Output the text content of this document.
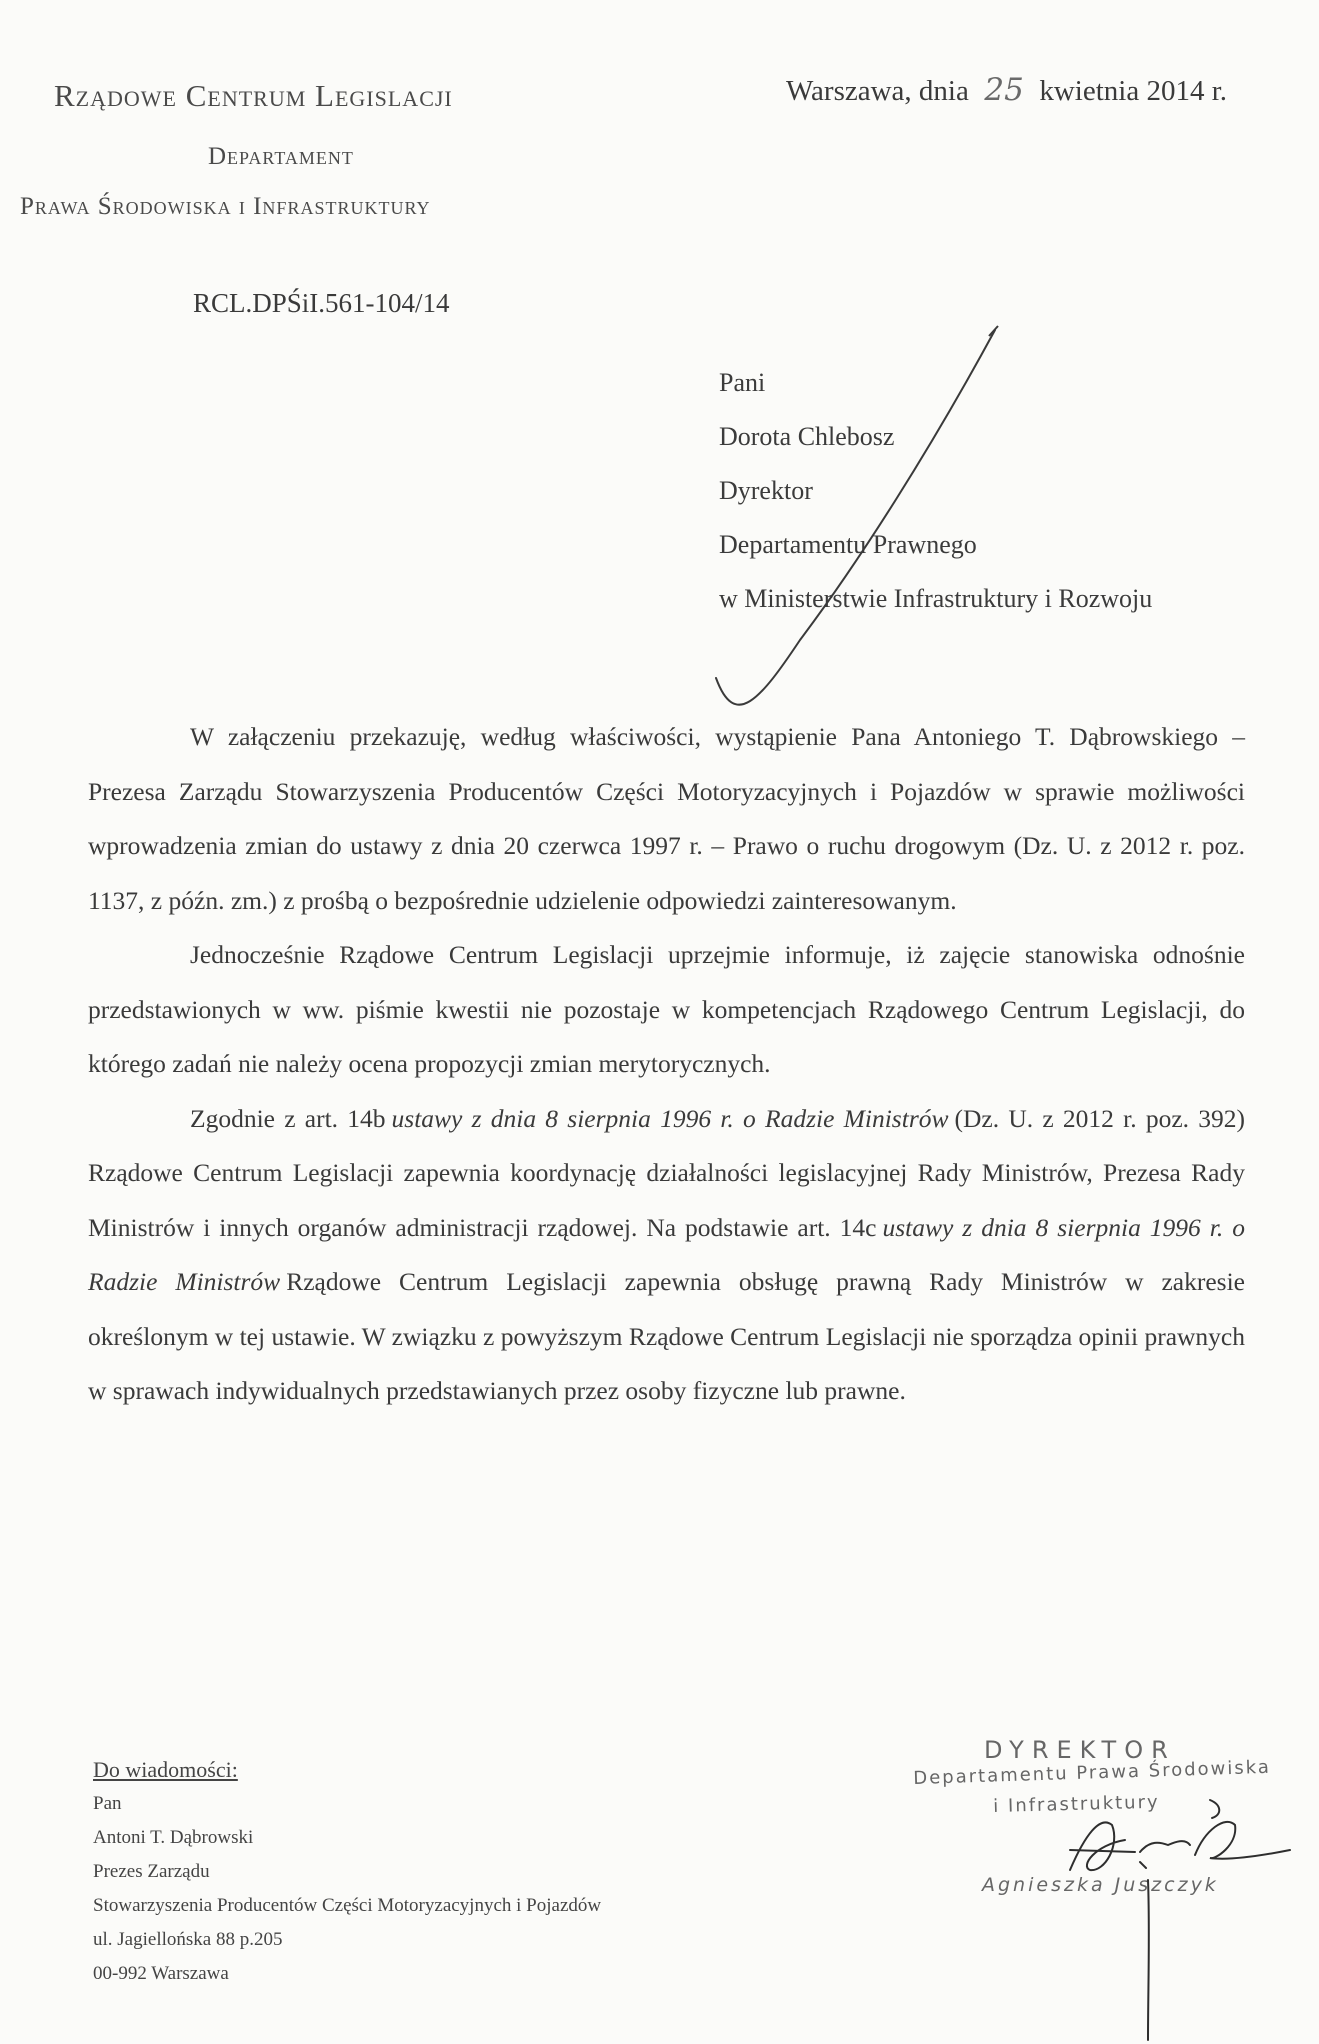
Rządowe Centrum Legislacji

Departament

Prawa Środowiska i Infrastruktury

Warszawa, dnia 25 kwietnia 2014 r.
RCL.DPŚiI.561-104/14

Pani

Dorota Chlebosz

Dyrektor

Departamentu Prawnego

w Ministerstwie Infrastruktury i Rozwoju

W załączeniu przekazuję, według właściwości, wystąpienie Pana Antoniego T. Dąbrowskiego – Prezesa Zarządu Stowarzyszenia Producentów Części Motoryzacyjnych i Pojazdów w sprawie możliwości wprowadzenia zmian do ustawy z dnia 20 czerwca 1997 r. – Prawo o ruchu drogowym (Dz. U. z 2012 r. poz. 1137, z późn. zm.) z prośbą o bezpośrednie udzielenie odpowiedzi zainteresowanym.

Jednocześnie Rządowe Centrum Legislacji uprzejmie informuje, iż zajęcie stanowiska odnośnie przedstawionych w ww. piśmie kwestii nie pozostaje w kompetencjach Rządowego Centrum Legislacji, do którego zadań nie należy ocena propozycji zmian merytorycznych.

Zgodnie z art. 14b ustawy z dnia 8 sierpnia 1996 r. o Radzie Ministrów (Dz. U. z 2012 r. poz. 392) Rządowe Centrum Legislacji zapewnia koordynację działalności legislacyjnej Rady Ministrów, Prezesa Rady Ministrów i innych organów administracji rządowej. Na podstawie art. 14c ustawy z dnia 8 sierpnia 1996 r. o Radzie Ministrów Rządowe Centrum Legislacji zapewnia obsługę prawną Rady Ministrów w zakresie określonym w tej ustawie. W związku z powyższym Rządowe Centrum Legislacji nie sporządza opinii prawnych w sprawach indywidualnych przedstawianych przez osoby fizyczne lub prawne.

Do wiadomości:
Pan
Antoni T. Dąbrowski
Prezes Zarządu
Stowarzyszenia Producentów Części Motoryzacyjnych i Pojazdów
ul. Jagiellońska 88 p.205
00-992 Warszawa
DYREKTOR
Departamentu Prawa Środowiska
i Infrastruktury
Agnieszka Juszczyk
